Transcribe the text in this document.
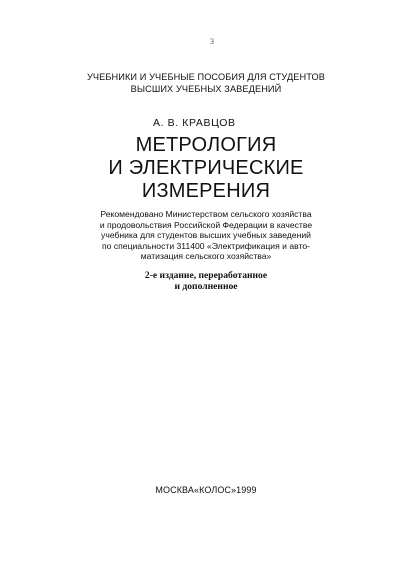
3
УЧЕБНИКИ И УЧЕБНЫЕ ПОСОБИЯ ДЛЯ СТУДЕНТОВ
ВЫСШИХ УЧЕБНЫХ ЗАВЕДЕНИЙ
А. В. КРАВЦОВ
МЕТРОЛОГИЯ
И ЭЛЕКТРИЧЕСКИЕ
ИЗМЕРЕНИЯ
Рекомендовано Министерством сельского хозяйства
и продовольствия Российской Федерации в качестве
учебника для студентов высших учебных заведений
по специальности 311400 «Электрификация и авто-
матизация сельского хозяйства»
2-е издание, переработанное
и дополненное
МОСКВА«КОЛОС»1999
